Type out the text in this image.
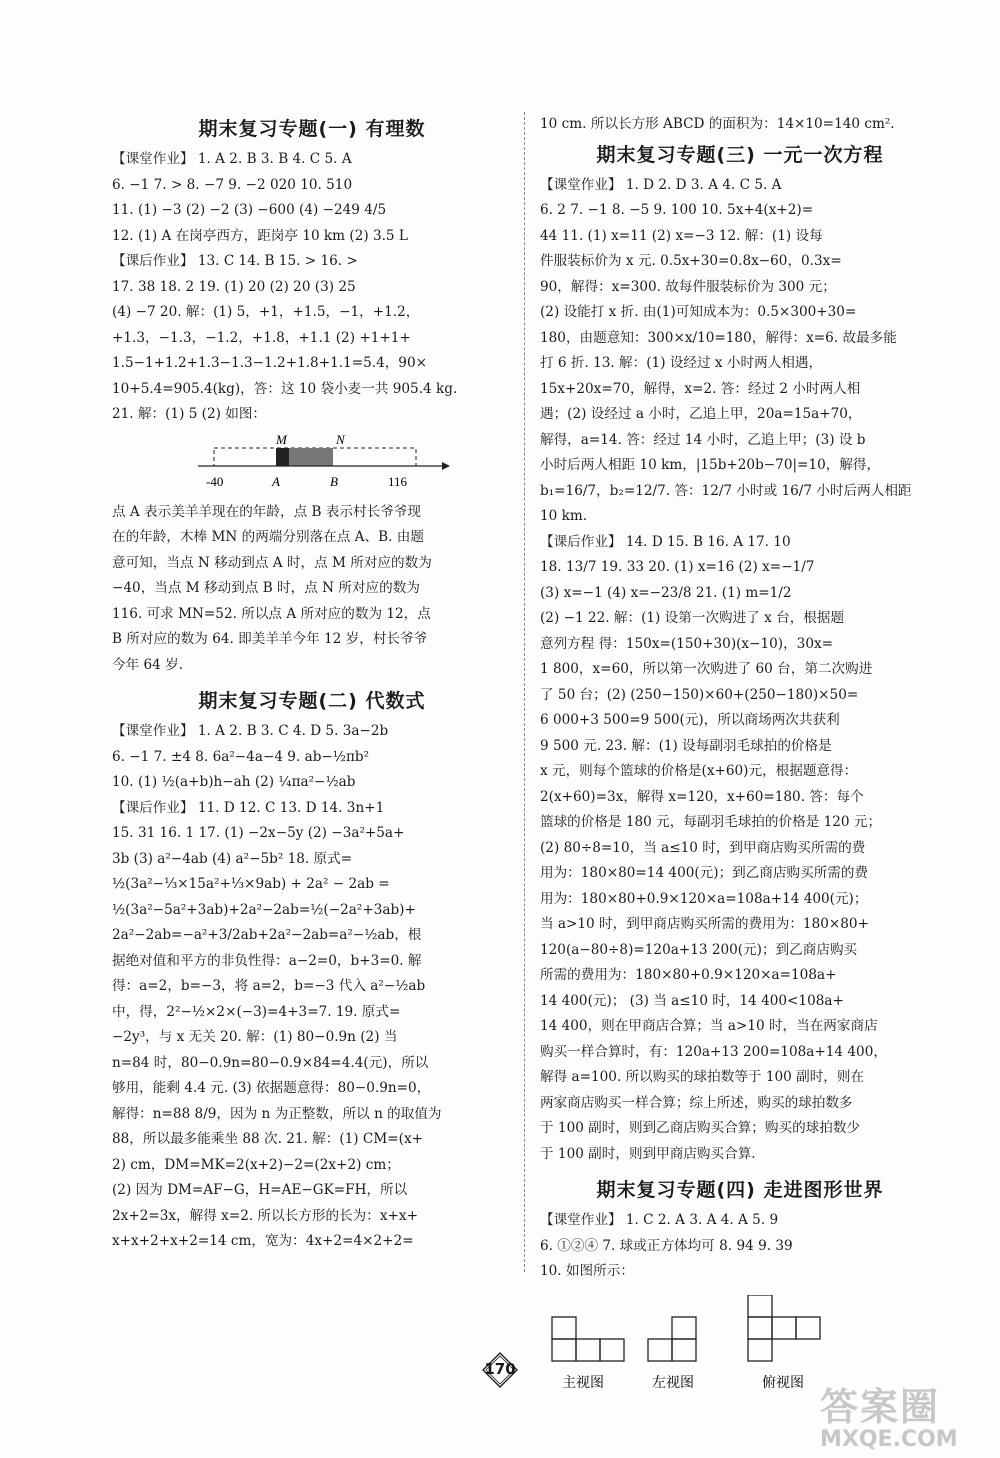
期末复习专题(一) 有理数

【课堂作业】 1. A 2. B 3. B 4. C 5. A

6. −1 7. > 8. −7 9. −2 020 10. 510

11. (1) −3 (2) −2 (3) −600 (4) −249 4/5

12. (1) A 在岗亭西方，距岗亭 10 km (2) 3.5 L

【课后作业】 13. C 14. B 15. > 16. >

17. 38 18. 2 19. (1) 20 (2) 20 (3) 25

(4) −7 20. 解：(1) 5，+1，+1.5，−1，+1.2，

+1.3，−1.3，−1.2，+1.8，+1.1 (2) +1+1+

1.5−1+1.2+1.3−1.3−1.2+1.8+1.1=5.4，90×

10+5.4=905.4(kg)，答：这 10 袋小麦一共 905.4 kg.

21. 解：(1) 5 (2) 如图：

M	N
-40	A	B	116

点 A 表示美羊羊现在的年龄，点 B 表示村长爷爷现

在的年龄，木棒 MN 的两端分别落在点 A、B. 由题

意可知，当点 N 移动到点 A 时，点 M 所对应的数为

−40，当点 M 移动到点 B 时，点 N 所对应的数为

116. 可求 MN=52. 所以点 A 所对应的数为 12，点

B 所对应的数为 64. 即美羊羊今年 12 岁，村长爷爷

今年 64 岁.

期末复习专题(二) 代数式

【课堂作业】 1. A 2. B 3. C 4. D 5. 3a−2b

6. −1 7. ±4 8. 6a²−4a−4 9. ab−½πb²

10. (1) ½(a+b)h−ah (2) ¼πa²−½ab

【课后作业】 11. D 12. C 13. D 14. 3n+1

15. 31 16. 1 17. (1) −2x−5y (2) −3a²+5a+

3b (3) a²−4ab (4) a²−5b² 18. 原式=

½(3a²−⅓×15a²+⅓×9ab) + 2a² − 2ab =

½(3a²−5a²+3ab)+2a²−2ab=½(−2a²+3ab)+

2a²−2ab=−a²+3/2ab+2a²−2ab=a²−½ab，根

据绝对值和平方的非负性得：a−2=0，b+3=0. 解

得：a=2，b=−3，将 a=2，b=−3 代入 a²−½ab

中，得，2²−½×2×(−3)=4+3=7. 19. 原式=

−2y³，与 x 无关 20. 解：(1) 80−0.9n (2) 当

n=84 时，80−0.9n=80−0.9×84=4.4(元)，所以

够用，能剩 4.4 元. (3) 依据题意得：80−0.9n=0，

解得：n=88 8/9，因为 n 为正整数，所以 n 的取值为

88，所以最多能乘坐 88 次. 21. 解：(1) CM=(x+

2) cm，DM=MK=2(x+2)−2=(2x+2) cm；

(2) 因为 DM=AF−G，H=AE−GK=FH，所以

2x+2=3x，解得 x=2. 所以长方形的长为：x+x+

x+x+2+x+2=14 cm，宽为：4x+2=4×2+2=

10 cm. 所以长方形 ABCD 的面积为：14×10=140 cm².

期末复习专题(三) 一元一次方程

【课堂作业】 1. D 2. D 3. A 4. C 5. A

6. 2 7. −1 8. −5 9. 100 10. 5x+4(x+2)=

44 11. (1) x=11 (2) x=−3 12. 解：(1) 设每

件服装标价为 x 元. 0.5x+30=0.8x−60，0.3x=

90，解得：x=300. 故每件服装标价为 300 元；

(2) 设能打 x 折. 由(1)可知成本为：0.5×300+30=

180，由题意知：300×x/10=180，解得：x=6. 故最多能

打 6 折. 13. 解：(1) 设经过 x 小时两人相遇，

15x+20x=70，解得，x=2. 答：经过 2 小时两人相

遇；(2) 设经过 a 小时，乙追上甲，20a=15a+70，

解得，a=14. 答：经过 14 小时，乙追上甲；(3) 设 b

小时后两人相距 10 km，|15b+20b−70|=10，解得，

b₁=16/7，b₂=12/7. 答：12/7 小时或 16/7 小时后两人相距

10 km.

【课后作业】 14. D 15. B 16. A 17. 10

18. 13/7 19. 33 20. (1) x=16 (2) x=−1/7

(3) x=−1 (4) x=−23/8 21. (1) m=1/2

(2) −1 22. 解：(1) 设第一次购进了 x 台，根据题

意列方程 得：150x=(150+30)(x−10)，30x=

1 800，x=60，所以第一次购进了 60 台，第二次购进

了 50 台；(2) (250−150)×60+(250−180)×50=

6 000+3 500=9 500(元)，所以商场两次共获利

9 500 元. 23. 解：(1) 设每副羽毛球拍的价格是

x 元，则每个篮球的价格是(x+60)元，根据题意得：

2(x+60)=3x，解得 x=120，x+60=180. 答：每个

篮球的价格是 180 元，每副羽毛球拍的价格是 120 元；

(2) 80÷8=10，当 a≤10 时，到甲商店购买所需的费

用为：180×80=14 400(元)；到乙商店购买所需的费

用为：180×80+0.9×120×a=108a+14 400(元)；

当 a>10 时，到甲商店购买所需的费用为：180×80+

120(a−80÷8)=120a+13 200(元)；到乙商店购买

所需的费用为：180×80+0.9×120×a=108a+

14 400(元)； (3) 当 a≤10 时，14 400<108a+

14 400，则在甲商店合算；当 a>10 时，当在两家商店

购买一样合算时，有：120a+13 200=108a+14 400，

解得 a=100. 所以购买的球拍数等于 100 副时，则在

两家商店购买一样合算；综上所述，购买的球拍数多

于 100 副时，则到乙商店购买合算；购买的球拍数少

于 100 副时，则到甲商店购买合算.

期末复习专题(四) 走进图形世界

【课堂作业】 1. C 2. A 3. A 4. A 5. 9

6. ①②④ 7. 球或正方体均可 8. 94 9. 39

10. 如图所示：

主视图	左视图	俯视图
170
答案圈
MXQE.COM
